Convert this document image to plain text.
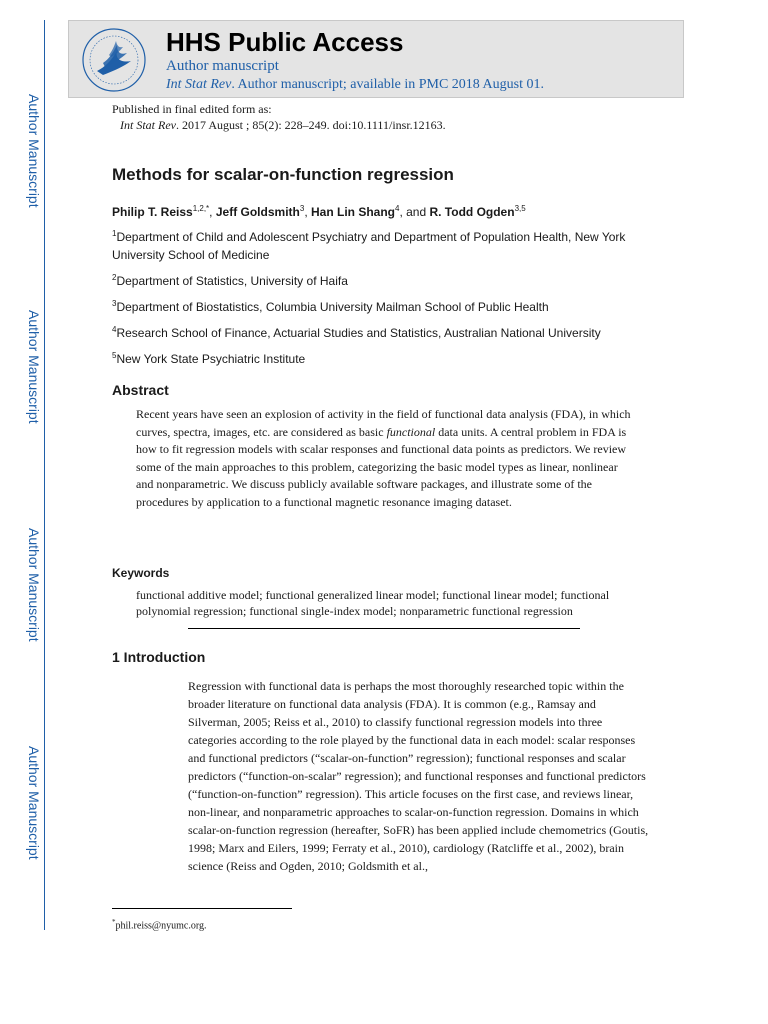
Author Manuscript
Author Manuscript
Author Manuscript
Author Manuscript
HHS Public Access
Author manuscript
Int Stat Rev. Author manuscript; available in PMC 2018 August 01.
Published in final edited form as:
Int Stat Rev. 2017 August ; 85(2): 228–249. doi:10.1111/insr.12163.
Methods for scalar-on-function regression
Philip T. Reiss$^{1,2,*}$, Jeff Goldsmith$^3$, Han Lin Shang$^4$, and R. Todd Ogden$^{3,5}$
$^1$Department of Child and Adolescent Psychiatry and Department of Population Health, New York University School of Medicine
$^2$Department of Statistics, University of Haifa
$^3$Department of Biostatistics, Columbia University Mailman School of Public Health
$^4$Research School of Finance, Actuarial Studies and Statistics, Australian National University
$^5$New York State Psychiatric Institute
Abstract
Recent years have seen an explosion of activity in the field of functional data analysis (FDA), in which curves, spectra, images, etc. are considered as basic functional data units. A central problem in FDA is how to fit regression models with scalar responses and functional data points as predictors. We review some of the main approaches to this problem, categorizing the basic model types as linear, nonlinear and nonparametric. We discuss publicly available software packages, and illustrate some of the procedures by application to a functional magnetic resonance imaging dataset.
Keywords
functional additive model; functional generalized linear model; functional linear model; functional polynomial regression; functional single-index model; nonparametric functional regression
1 Introduction
Regression with functional data is perhaps the most thoroughly researched topic within the broader literature on functional data analysis (FDA). It is common (e.g., Ramsay and Silverman, 2005; Reiss et al., 2010) to classify functional regression models into three categories according to the role played by the functional data in each model: scalar responses and functional predictors (“scalar-on-function” regression); functional responses and scalar predictors (“function-on-scalar” regression); and functional responses and functional predictors (“function-on-function” regression). This article focuses on the first case, and reviews linear, non-linear, and nonparametric approaches to scalar-on-function regression. Domains in which scalar-on-function regression (hereafter, SoFR) has been applied include chemometrics (Goutis, 1998; Marx and Eilers, 1999; Ferraty et al., 2010), cardiology (Ratcliffe et al., 2002), brain science (Reiss and Ogden, 2010; Goldsmith et al.,
*phil.reiss@nyumc.org.
